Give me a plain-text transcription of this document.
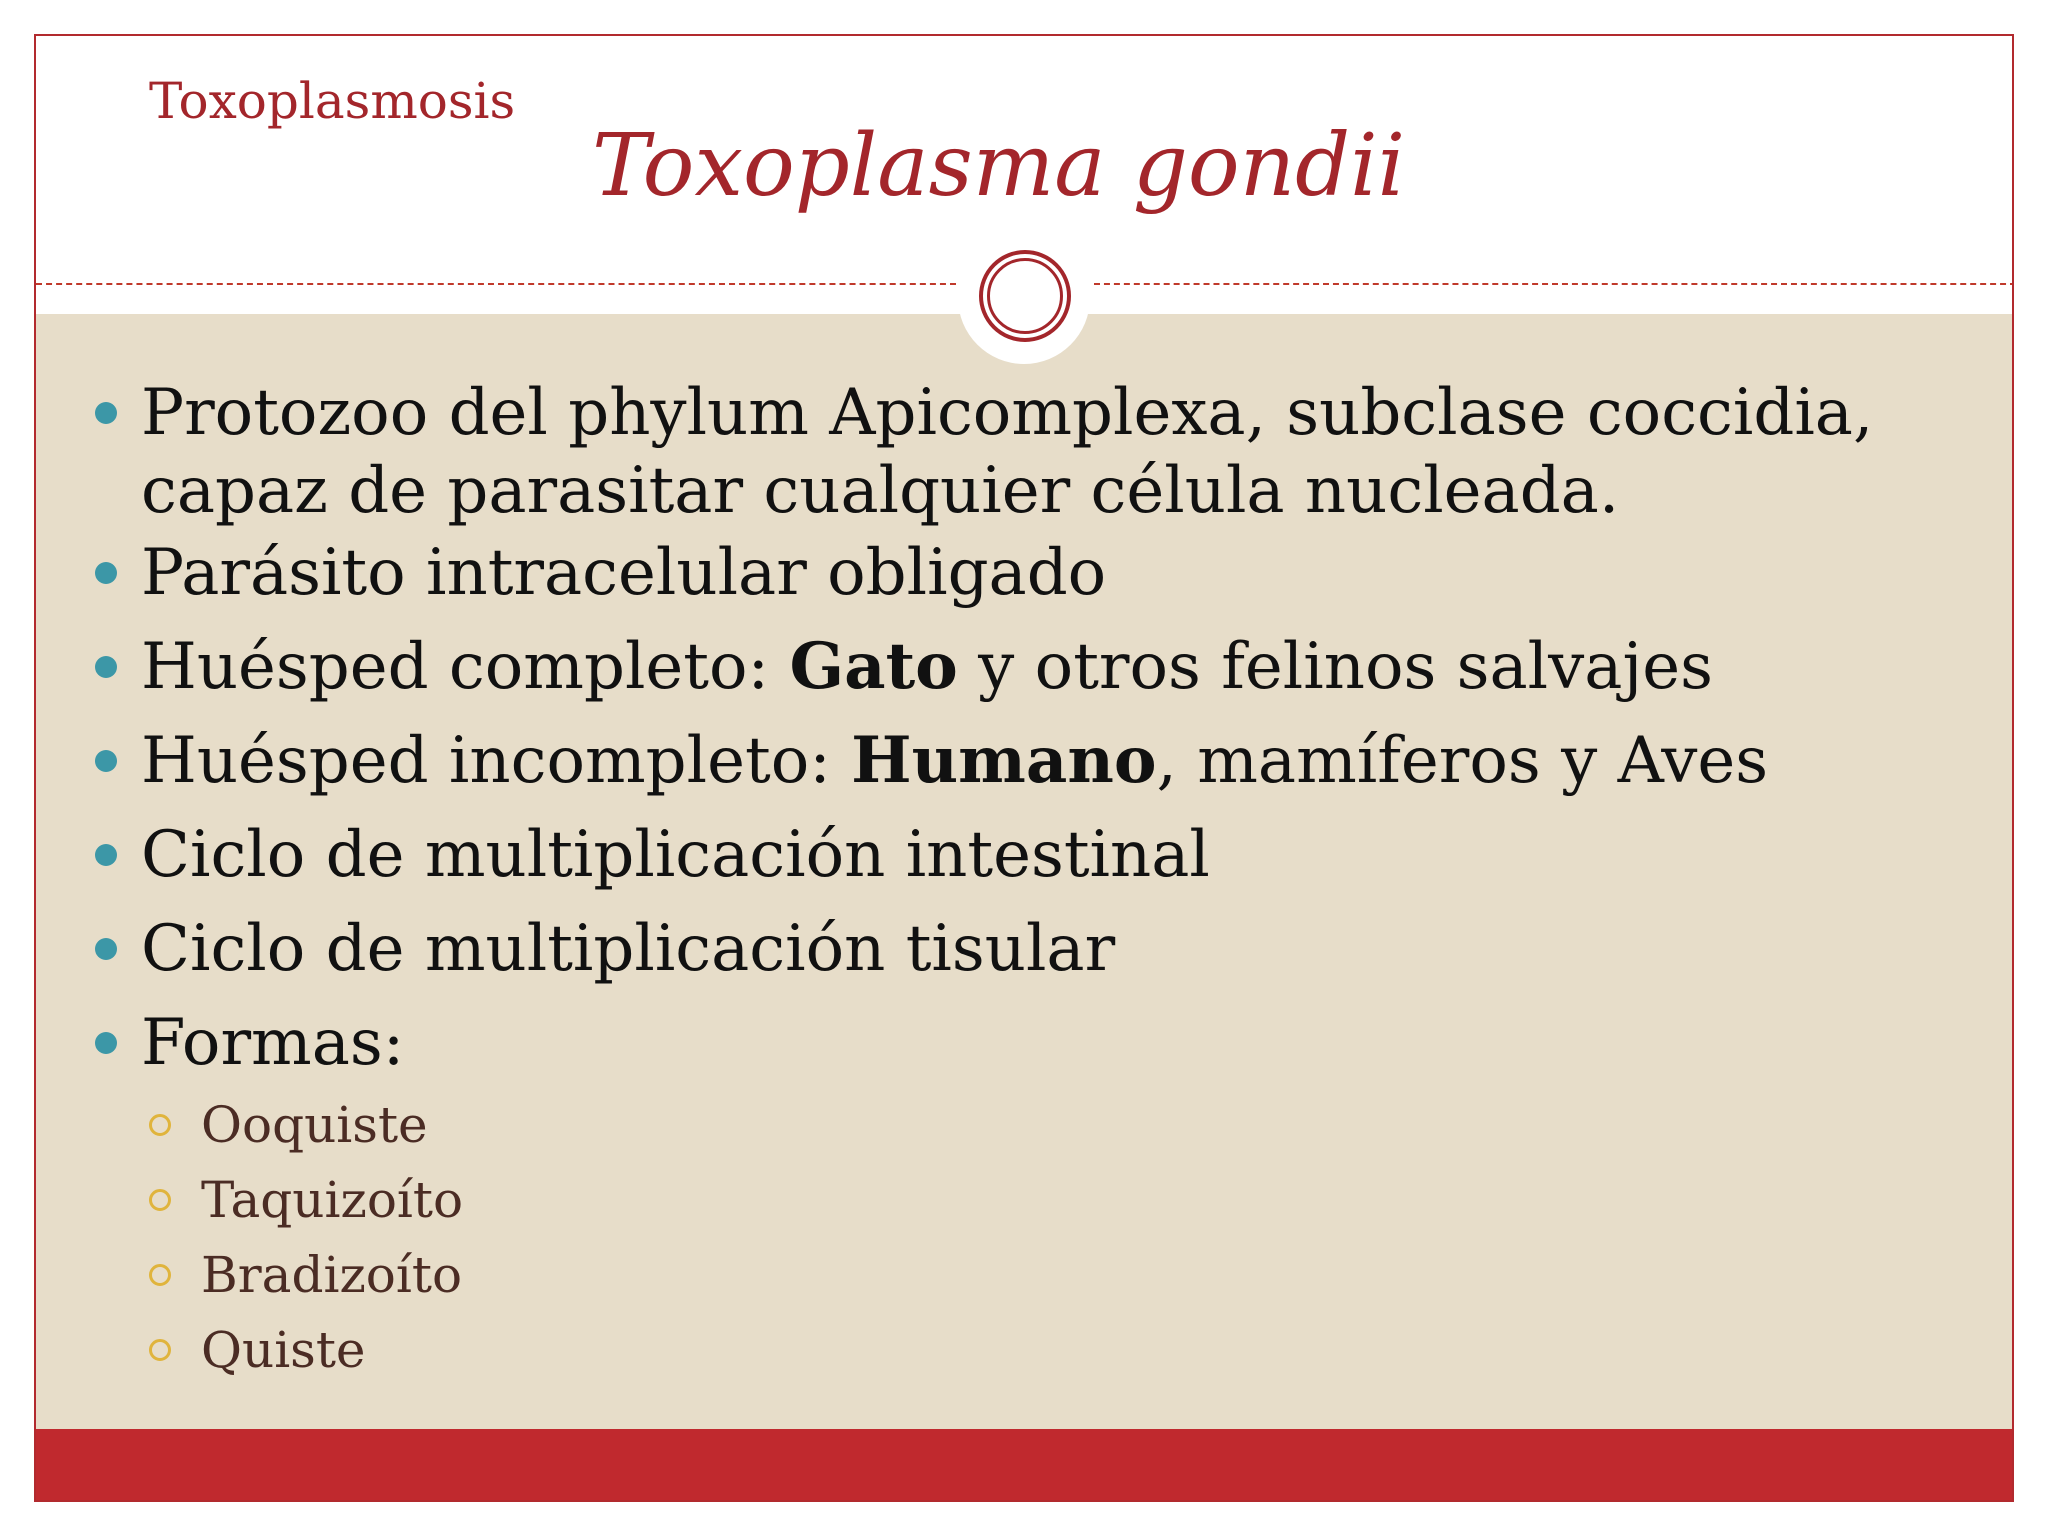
Toxoplasmosis
Toxoplasma gondii
Protozoo del phylum Apicomplexa, subclase coccidia,
capaz de parasitar cualquier célula nucleada.
Parásito intracelular obligado
Huésped completo: Gato y otros felinos salvajes
Huésped incompleto: Humano, mamíferos y Aves
Ciclo de multiplicación intestinal
Ciclo de multiplicación tisular
Formas:
Ooquiste
Taquizoíto
Bradizoíto
Quiste
